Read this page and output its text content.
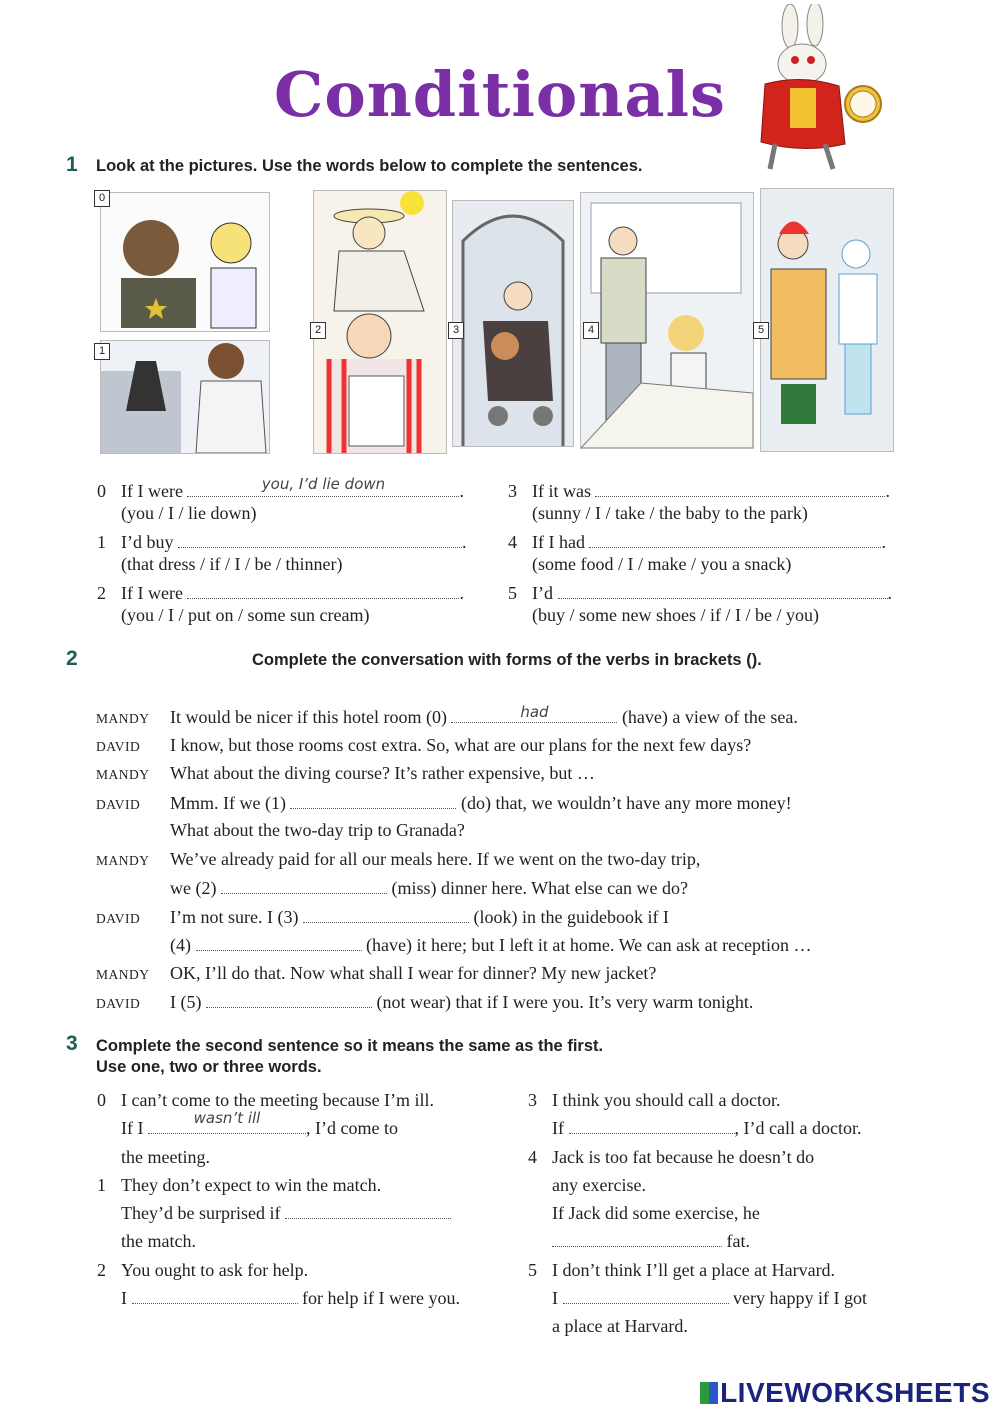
Conditionals
1 Look at the pictures. Use the words below to complete the sentences.
0
1
2	3	4	5
0 If I were	you, I’d lie down	.
(you / I / lie down)
1 I’d buy	.
(that dress / if / I / be / thinner)
2 If I were	.
(you / I / put on / some sun cream)
3 If it was	.
(sunny / I / take / the baby to the park)
4 If I had	.
(some food / I / make / you a snack)
5 I’d	.
(buy / some new shoes / if / I / be / you)
2	Complete the conversation with forms of the verbs in brackets ().
MANDY It would be nicer if this hotel room (0)	had	(have) a view of the sea.
DAVID I know, but those rooms cost extra. So, what are our plans for the next few days?
MANDY What about the diving course? It’s rather expensive, but …
DAVID Mmm. If we (1)	(do) that, we wouldn’t have any more money!
What about the two-day trip to Granada?
MANDY We’ve already paid for all our meals here. If we went on the two-day trip,
we (2)	(miss) dinner here. What else can we do?
DAVID I’m not sure. I (3)	(look) in the guidebook if I
(4)	(have) it here; but I left it at home. We can ask at reception …
MANDY OK, I’ll do that. Now what shall I wear for dinner? My new jacket?
DAVID I (5)	(not wear) that if I were you. It’s very warm tonight.
3 Complete the second sentence so it means the same as the first.
Use one, two or three words.
0 I can’t come to the meeting because I’m ill.
If I
wasn’t ill
, I’d come to
the meeting.
1 They don’t expect to win the match.
They’d be surprised if
the match.
2 You ought to ask for help.
I	for help if I were you.
3 I think you should call a doctor.
If	, I’d call a doctor.
4 Jack is too fat because he doesn’t do
any exercise.
If Jack did some exercise, he
fat.
5 I don’t think I’ll get a place at Harvard.
I	very happy if I got
a place at Harvard.
LIVEWORKSHEETS
